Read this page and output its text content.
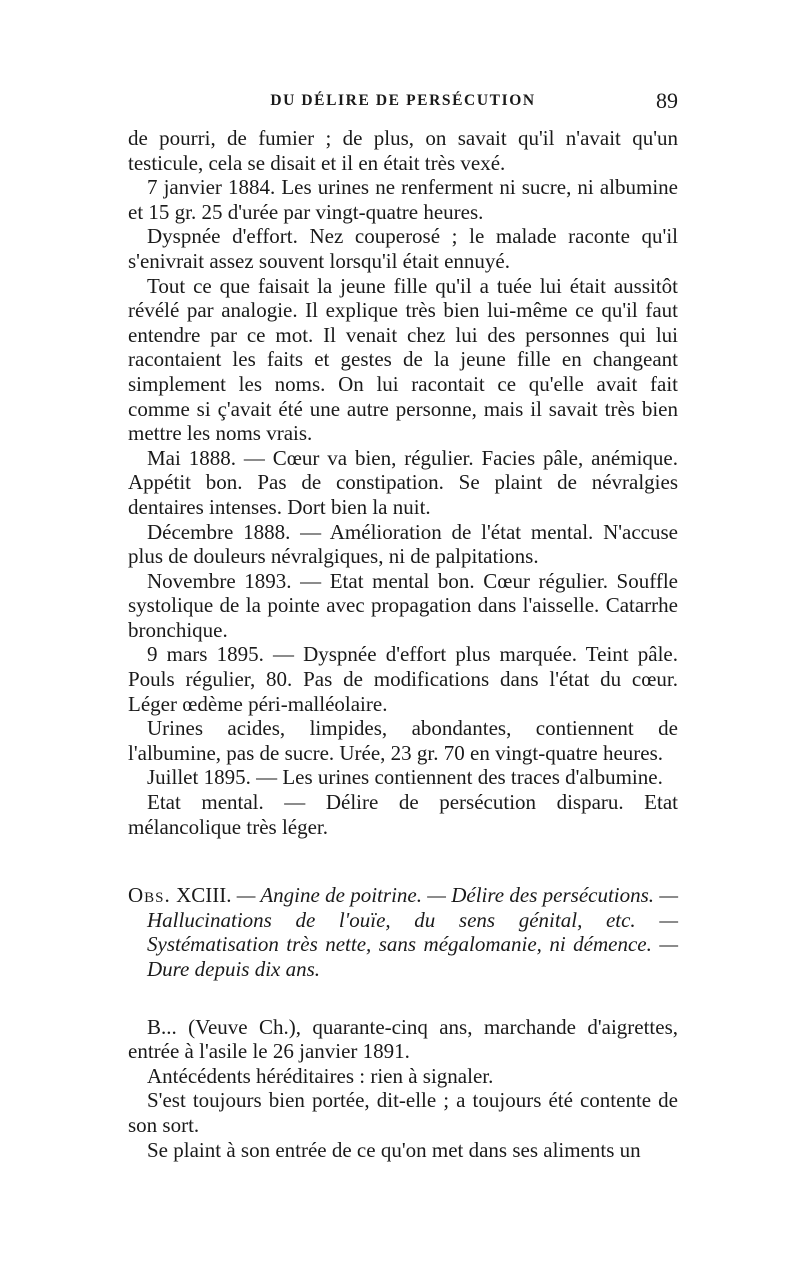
DU DÉLIRE DE PERSÉCUTION	89

de pourri, de fumier ; de plus, on savait qu'il n'avait qu'un testicule, cela se disait et il en était très vexé.

7 janvier 1884. Les urines ne renferment ni sucre, ni albumine et 15 gr. 25 d'urée par vingt-quatre heures.

Dyspnée d'effort. Nez couperosé ; le malade raconte qu'il s'enivrait assez souvent lorsqu'il était ennuyé.

Tout ce que faisait la jeune fille qu'il a tuée lui était aussitôt révélé par analogie. Il explique très bien lui-même ce qu'il faut entendre par ce mot. Il venait chez lui des personnes qui lui racontaient les faits et gestes de la jeune fille en changeant simplement les noms. On lui racontait ce qu'elle avait fait comme si ç'avait été une autre personne, mais il savait très bien mettre les noms vrais.

Mai 1888. — Cœur va bien, régulier. Facies pâle, anémique. Appétit bon. Pas de constipation. Se plaint de névralgies dentaires intenses. Dort bien la nuit.

Décembre 1888. — Amélioration de l'état mental. N'accuse plus de douleurs névralgiques, ni de palpitations.

Novembre 1893. — Etat mental bon. Cœur régulier. Souffle systolique de la pointe avec propagation dans l'aisselle. Catarrhe bronchique.

9 mars 1895. — Dyspnée d'effort plus marquée. Teint pâle. Pouls régulier, 80. Pas de modifications dans l'état du cœur. Léger œdème péri-malléolaire.

Urines acides, limpides, abondantes, contiennent de l'albumine, pas de sucre. Urée, 23 gr. 70 en vingt-quatre heures.

Juillet 1895. — Les urines contiennent des traces d'albumine.

Etat mental. — Délire de persécution disparu. Etat mélancolique très léger.

Obs. XCIII. — Angine de poitrine. — Délire des persécutions. — Hallucinations de l'ouïe, du sens génital, etc. — Systématisation très nette, sans mégalomanie, ni démence. — Dure depuis dix ans.

B... (Veuve Ch.), quarante-cinq ans, marchande d'aigrettes, entrée à l'asile le 26 janvier 1891.

Antécédents héréditaires : rien à signaler.

S'est toujours bien portée, dit-elle ; a toujours été contente de son sort.

Se plaint à son entrée de ce qu'on met dans ses aliments un
